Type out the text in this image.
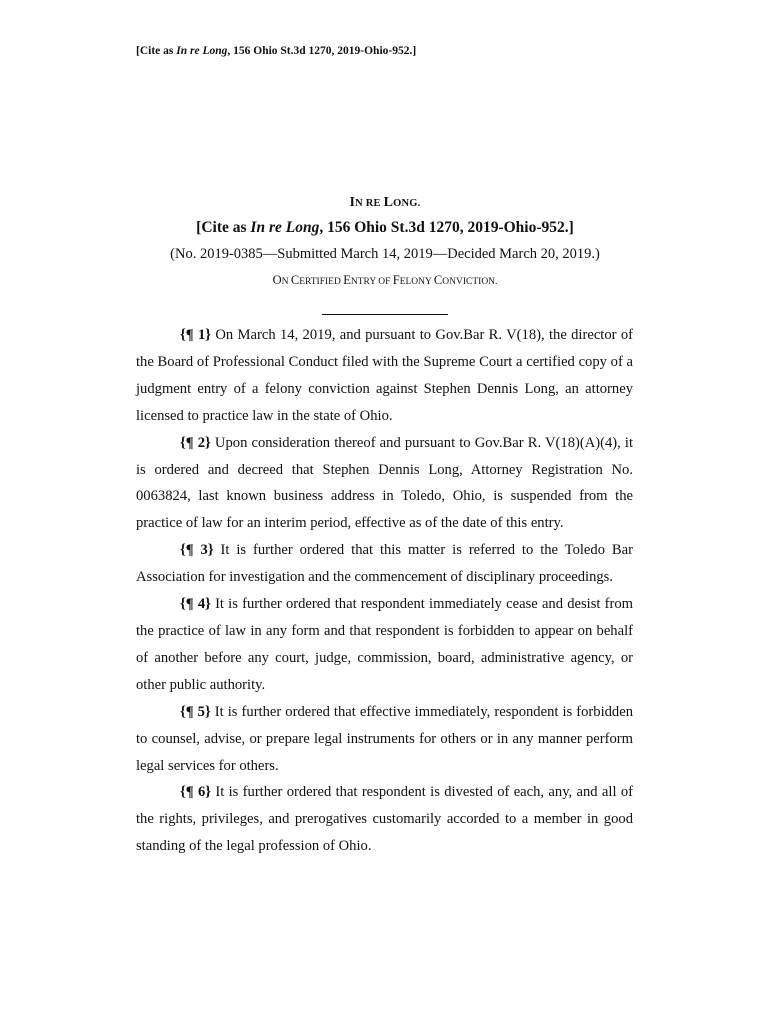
[Cite as In re Long, 156 Ohio St.3d 1270, 2019-Ohio-952.]
IN RE LONG.
[Cite as In re Long, 156 Ohio St.3d 1270, 2019-Ohio-952.]
(No. 2019-0385—Submitted March 14, 2019—Decided March 20, 2019.)
ON CERTIFIED ENTRY OF FELONY CONVICTION.

{¶ 1} On March 14, 2019, and pursuant to Gov.Bar R. V(18), the director of the Board of Professional Conduct filed with the Supreme Court a certified copy of a judgment entry of a felony conviction against Stephen Dennis Long, an attorney licensed to practice law in the state of Ohio.

{¶ 2} Upon consideration thereof and pursuant to Gov.Bar R. V(18)(A)(4), it is ordered and decreed that Stephen Dennis Long, Attorney Registration No. 0063824, last known business address in Toledo, Ohio, is suspended from the practice of law for an interim period, effective as of the date of this entry.

{¶ 3} It is further ordered that this matter is referred to the Toledo Bar Association for investigation and the commencement of disciplinary proceedings.

{¶ 4} It is further ordered that respondent immediately cease and desist from the practice of law in any form and that respondent is forbidden to appear on behalf of another before any court, judge, commission, board, administrative agency, or other public authority.

{¶ 5} It is further ordered that effective immediately, respondent is forbidden to counsel, advise, or prepare legal instruments for others or in any manner perform legal services for others.

{¶ 6} It is further ordered that respondent is divested of each, any, and all of the rights, privileges, and prerogatives customarily accorded to a member in good standing of the legal profession of Ohio.
